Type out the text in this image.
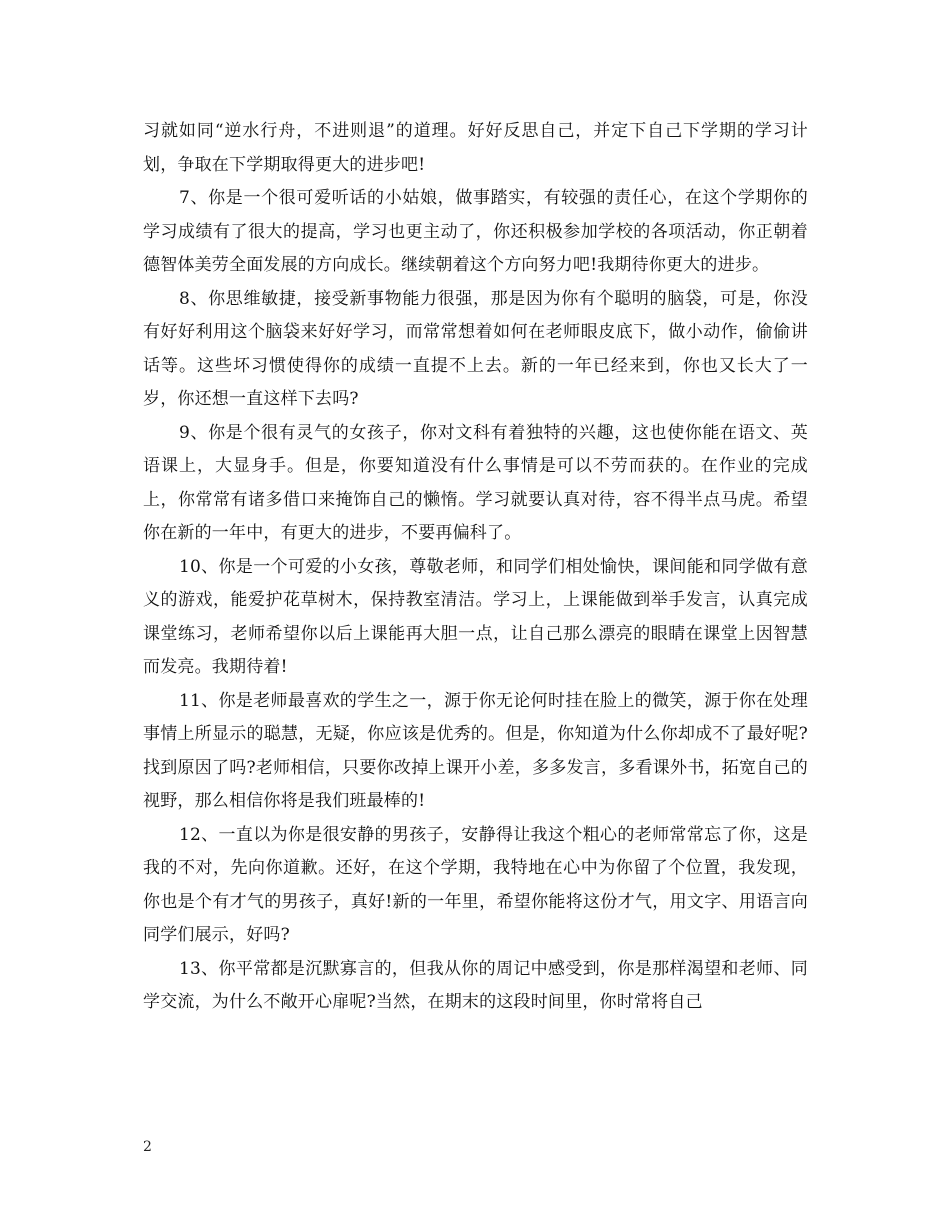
习就如同“逆水行舟，不进则退”的道理。好好反思自己，并定下自己下学期的学习计划，争取在下学期取得更大的进步吧!

7、你是一个很可爱听话的小姑娘，做事踏实，有较强的责任心，在这个学期你的学习成绩有了很大的提高，学习也更主动了，你还积极参加学校的各项活动，你正朝着德智体美劳全面发展的方向成长。继续朝着这个方向努力吧!我期待你更大的进步。

8、你思维敏捷，接受新事物能力很强，那是因为你有个聪明的脑袋，可是，你没有好好利用这个脑袋来好好学习，而常常想着如何在老师眼皮底下，做小动作，偷偷讲话等。这些坏习惯使得你的成绩一直提不上去。新的一年已经来到，你也又长大了一岁，你还想一直这样下去吗?

9、你是个很有灵气的女孩子，你对文科有着独特的兴趣，这也使你能在语文、英语课上，大显身手。但是，你要知道没有什么事情是可以不劳而获的。在作业的完成上，你常常有诸多借口来掩饰自己的懒惰。学习就要认真对待，容不得半点马虎。希望你在新的一年中，有更大的进步，不要再偏科了。

10、你是一个可爱的小女孩，尊敬老师，和同学们相处愉快，课间能和同学做有意义的游戏，能爱护花草树木，保持教室清洁。学习上，上课能做到举手发言，认真完成课堂练习，老师希望你以后上课能再大胆一点，让自己那么漂亮的眼睛在课堂上因智慧而发亮。我期待着!

11、你是老师最喜欢的学生之一，源于你无论何时挂在脸上的微笑，源于你在处理事情上所显示的聪慧，无疑，你应该是优秀的。但是，你知道为什么你却成不了最好呢?找到原因了吗?老师相信，只要你改掉上课开小差，多多发言，多看课外书，拓宽自己的视野，那么相信你将是我们班最棒的!

12、一直以为你是很安静的男孩子，安静得让我这个粗心的老师常常忘了你，这是我的不对，先向你道歉。还好，在这个学期，我特地在心中为你留了个位置，我发现，你也是个有才气的男孩子，真好!新的一年里，希望你能将这份才气，用文字、用语言向同学们展示，好吗?

13、你平常都是沉默寡言的，但我从你的周记中感受到，你是那样渴望和老师、同学交流，为什么不敞开心扉呢?当然，在期末的这段时间里，你时常将自己

2
